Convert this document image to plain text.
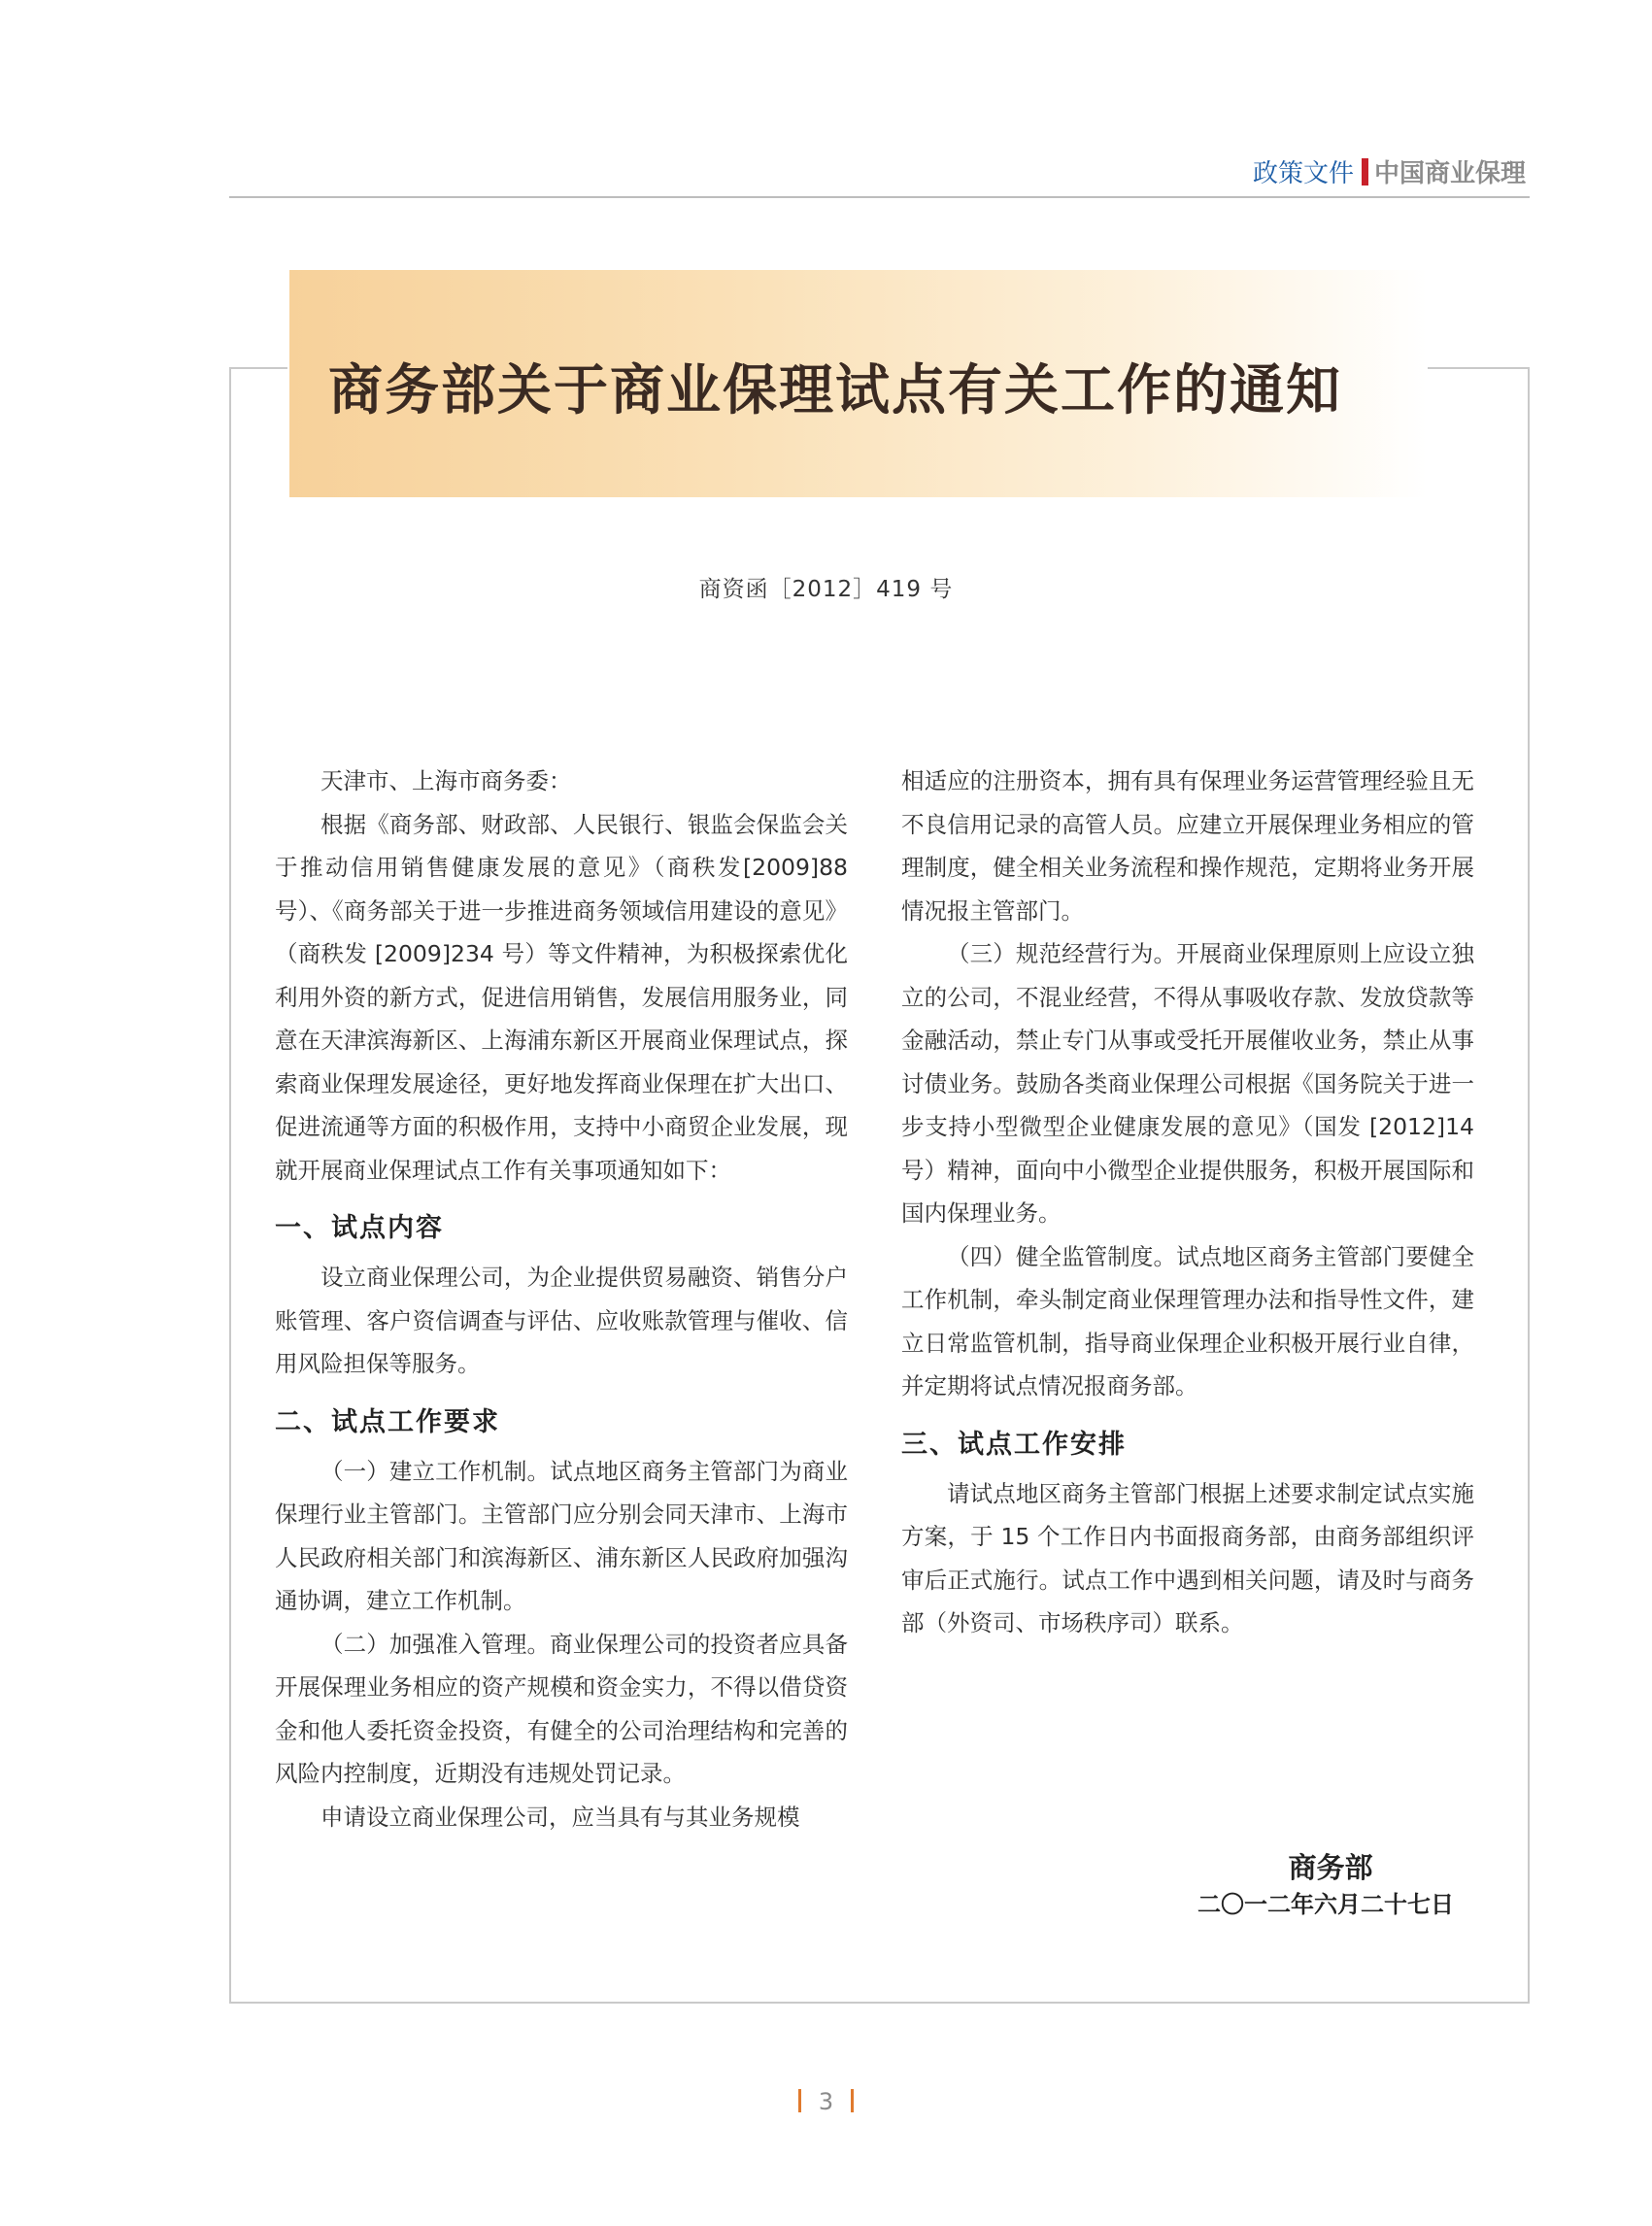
政策文件 中国商业保理
商务部关于商业保理试点有关工作的通知
商资函［2012］419 号

天津市、上海市商务委：

根据《商务部、财政部、人民银行、银监会保监会关于推动信用销售健康发展的意见》（商秩发[2009]88 号）、《商务部关于进一步推进商务领域信用建设的意见》（商秩发 [2009]234 号）等文件精神，为积极探索优化利用外资的新方式，促进信用销售，发展信用服务业，同意在天津滨海新区、上海浦东新区开展商业保理试点，探索商业保理发展途径，更好地发挥商业保理在扩大出口、促进流通等方面的积极作用，支持中小商贸企业发展，现就开展商业保理试点工作有关事项通知如下：

一、试点内容

设立商业保理公司，为企业提供贸易融资、销售分户账管理、客户资信调查与评估、应收账款管理与催收、信用风险担保等服务。

二、试点工作要求

（一）建立工作机制。试点地区商务主管部门为商业保理行业主管部门。主管部门应分别会同天津市、上海市人民政府相关部门和滨海新区、浦东新区人民政府加强沟通协调，建立工作机制。

（二）加强准入管理。商业保理公司的投资者应具备开展保理业务相应的资产规模和资金实力，不得以借贷资金和他人委托资金投资，有健全的公司治理结构和完善的风险内控制度，近期没有违规处罚记录。

申请设立商业保理公司，应当具有与其业务规模

相适应的注册资本，拥有具有保理业务运营管理经验且无不良信用记录的高管人员。应建立开展保理业务相应的管理制度，健全相关业务流程和操作规范，定期将业务开展情况报主管部门。

（三）规范经营行为。开展商业保理原则上应设立独立的公司，不混业经营，不得从事吸收存款、发放贷款等金融活动，禁止专门从事或受托开展催收业务，禁止从事讨债业务。鼓励各类商业保理公司根据《国务院关于进一步支持小型微型企业健康发展的意见》（国发 [2012]14 号）精神，面向中小微型企业提供服务，积极开展国际和国内保理业务。

（四）健全监管制度。试点地区商务主管部门要健全工作机制，牵头制定商业保理管理办法和指导性文件，建立日常监管机制，指导商业保理企业积极开展行业自律，并定期将试点情况报商务部。

三、试点工作安排

请试点地区商务主管部门根据上述要求制定试点实施方案，于 15 个工作日内书面报商务部，由商务部组织评审后正式施行。试点工作中遇到相关问题，请及时与商务部（外资司、市场秩序司）联系。

商务部
二〇一二年六月二十七日
3
